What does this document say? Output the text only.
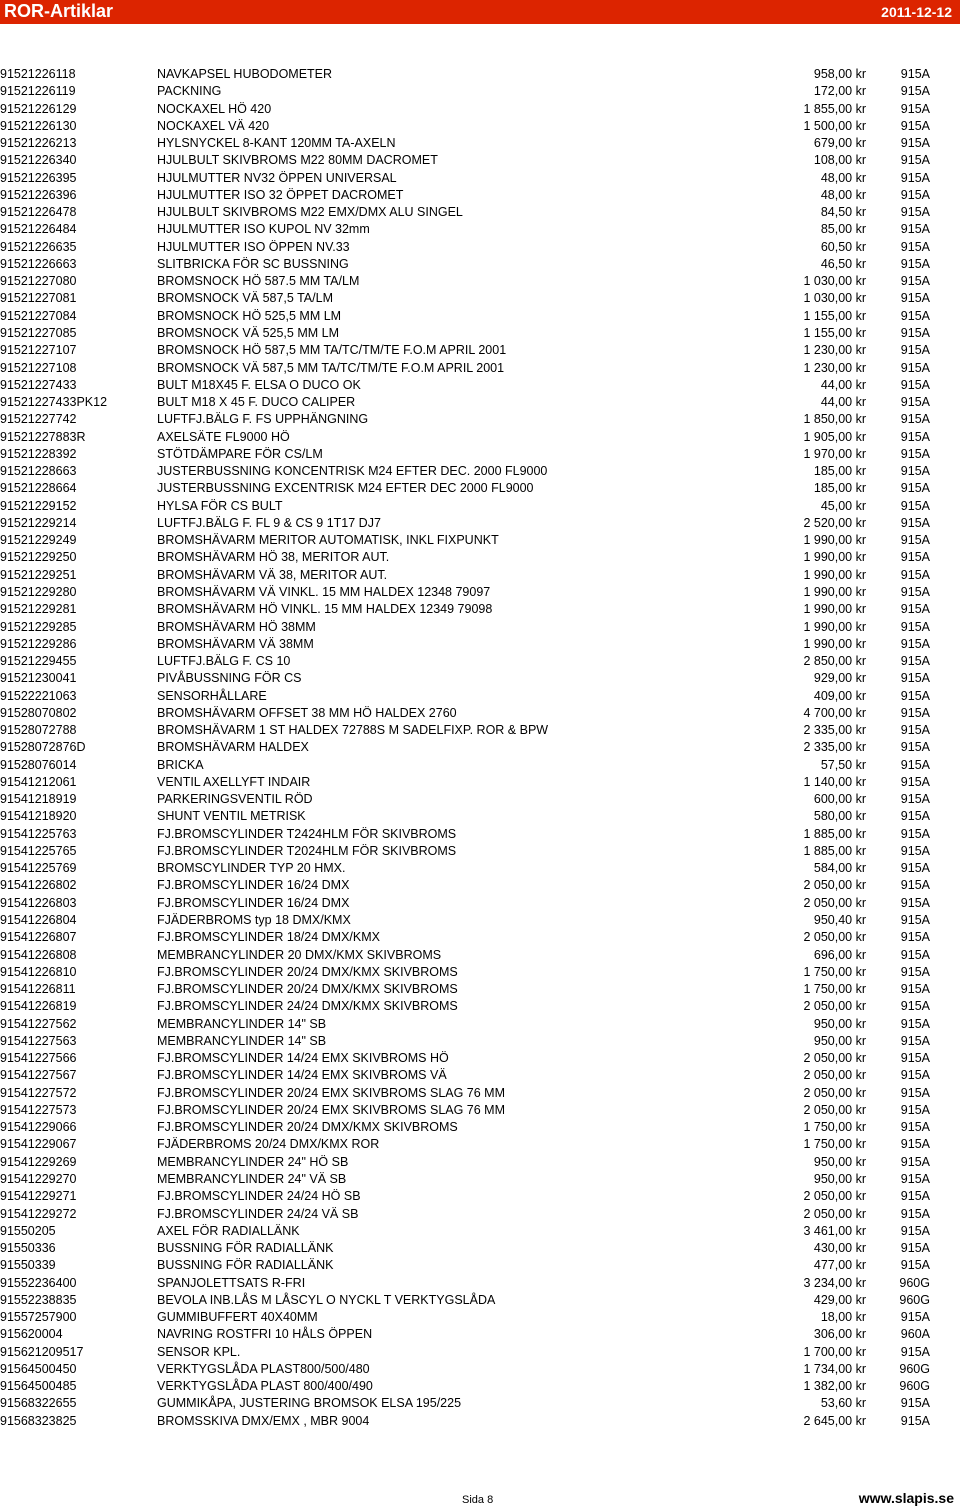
ROR-Artiklar	2011-12-12
91521226118	NAVKAPSEL HUBODOMETER	958,00 kr	915A
91521226119	PACKNING	172,00 kr	915A
91521226129	NOCKAXEL HÖ 420	1 855,00 kr	915A
91521226130	NOCKAXEL VÄ 420	1 500,00 kr	915A
91521226213	HYLSNYCKEL 8-KANT 120MM TA-AXELN	679,00 kr	915A
91521226340	HJULBULT SKIVBROMS M22 80MM DACROMET	108,00 kr	915A
91521226395	HJULMUTTER NV32 ÖPPEN UNIVERSAL	48,00 kr	915A
91521226396	HJULMUTTER ISO 32 ÖPPET DACROMET	48,00 kr	915A
91521226478	HJULBULT SKIVBROMS M22 EMX/DMX ALU SINGEL	84,50 kr	915A
91521226484	HJULMUTTER ISO KUPOL NV 32mm	85,00 kr	915A
91521226635	HJULMUTTER ISO ÖPPEN NV.33	60,50 kr	915A
91521226663	SLITBRICKA FÖR SC BUSSNING	46,50 kr	915A
91521227080	BROMSNOCK HÖ 587.5 MM TA/LM	1 030,00 kr	915A
91521227081	BROMSNOCK VÄ 587,5 TA/LM	1 030,00 kr	915A
91521227084	BROMSNOCK HÖ 525,5 MM LM	1 155,00 kr	915A
91521227085	BROMSNOCK VÄ 525,5 MM LM	1 155,00 kr	915A
91521227107	BROMSNOCK HÖ 587,5 MM TA/TC/TM/TE F.O.M APRIL 2001	1 230,00 kr	915A
91521227108	BROMSNOCK VÄ 587,5 MM TA/TC/TM/TE F.O.M APRIL 2001	1 230,00 kr	915A
91521227433	BULT M18X45 F. ELSA O DUCO OK	44,00 kr	915A
91521227433PK12	BULT M18 X 45 F. DUCO CALIPER	44,00 kr	915A
91521227742	LUFTFJ.BÄLG F. FS UPPHÄNGNING	1 850,00 kr	915A
91521227883R	AXELSÄTE FL9000 HÖ	1 905,00 kr	915A
91521228392	STÖTDÄMPARE FÖR CS/LM	1 970,00 kr	915A
91521228663	JUSTERBUSSNING KONCENTRISK M24 EFTER DEC. 2000 FL9000	185,00 kr	915A
91521228664	JUSTERBUSSNING EXCENTRISK M24 EFTER DEC 2000 FL9000	185,00 kr	915A
91521229152	HYLSA FÖR CS BULT	45,00 kr	915A
91521229214	LUFTFJ.BÄLG F. FL 9 & CS 9 1T17 DJ7	2 520,00 kr	915A
91521229249	BROMSHÄVARM MERITOR AUTOMATISK, INKL FIXPUNKT	1 990,00 kr	915A
91521229250	BROMSHÄVARM HÖ 38, MERITOR AUT.	1 990,00 kr	915A
91521229251	BROMSHÄVARM VÄ 38, MERITOR AUT.	1 990,00 kr	915A
91521229280	BROMSHÄVARM VÄ VINKL. 15 MM HALDEX 12348 79097	1 990,00 kr	915A
91521229281	BROMSHÄVARM HÖ VINKL. 15 MM HALDEX 12349 79098	1 990,00 kr	915A
91521229285	BROMSHÄVARM HÖ 38MM	1 990,00 kr	915A
91521229286	BROMSHÄVARM VÄ 38MM	1 990,00 kr	915A
91521229455	LUFTFJ.BÄLG F. CS 10	2 850,00 kr	915A
91521230041	PIVÅBUSSNING FÖR CS	929,00 kr	915A
91522221063	SENSORHÅLLARE	409,00 kr	915A
91528070802	BROMSHÄVARM OFFSET 38 MM HÖ HALDEX 2760	4 700,00 kr	915A
91528072788	BROMSHÄVARM 1 ST HALDEX 72788S M SADELFIXP. ROR & BPW	2 335,00 kr	915A
91528072876D	BROMSHÄVARM HALDEX	2 335,00 kr	915A
91528076014	BRICKA	57,50 kr	915A
91541212061	VENTIL AXELLYFT INDAIR	1 140,00 kr	915A
91541218919	PARKERINGSVENTIL RÖD	600,00 kr	915A
91541218920	SHUNT VENTIL METRISK	580,00 kr	915A
91541225763	FJ.BROMSCYLINDER T2424HLM FÖR SKIVBROMS	1 885,00 kr	915A
91541225765	FJ.BROMSCYLINDER T2024HLM FÖR SKIVBROMS	1 885,00 kr	915A
91541225769	BROMSCYLINDER TYP 20 HMX.	584,00 kr	915A
91541226802	FJ.BROMSCYLINDER 16/24 DMX	2 050,00 kr	915A
91541226803	FJ.BROMSCYLINDER 16/24 DMX	2 050,00 kr	915A
91541226804	FJÄDERBROMS typ 18 DMX/KMX	950,40 kr	915A
91541226807	FJ.BROMSCYLINDER 18/24 DMX/KMX	2 050,00 kr	915A
91541226808	MEMBRANCYLINDER 20 DMX/KMX SKIVBROMS	696,00 kr	915A
91541226810	FJ.BROMSCYLINDER 20/24 DMX/KMX SKIVBROMS	1 750,00 kr	915A
91541226811	FJ.BROMSCYLINDER 20/24 DMX/KMX SKIVBROMS	1 750,00 kr	915A
91541226819	FJ.BROMSCYLINDER 24/24 DMX/KMX SKIVBROMS	2 050,00 kr	915A
91541227562	MEMBRANCYLINDER 14" SB	950,00 kr	915A
91541227563	MEMBRANCYLINDER 14" SB	950,00 kr	915A
91541227566	FJ.BROMSCYLINDER 14/24 EMX SKIVBROMS HÖ	2 050,00 kr	915A
91541227567	FJ.BROMSCYLINDER 14/24 EMX SKIVBROMS VÄ	2 050,00 kr	915A
91541227572	FJ.BROMSCYLINDER 20/24 EMX SKIVBROMS SLAG 76 MM	2 050,00 kr	915A
91541227573	FJ.BROMSCYLINDER 20/24 EMX SKIVBROMS SLAG 76 MM	2 050,00 kr	915A
91541229066	FJ.BROMSCYLINDER 20/24 DMX/KMX SKIVBROMS	1 750,00 kr	915A
91541229067	FJÄDERBROMS 20/24 DMX/KMX ROR	1 750,00 kr	915A
91541229269	MEMBRANCYLINDER 24" HÖ SB	950,00 kr	915A
91541229270	MEMBRANCYLINDER 24" VÄ SB	950,00 kr	915A
91541229271	FJ.BROMSCYLINDER 24/24 HÖ SB	2 050,00 kr	915A
91541229272	FJ.BROMSCYLINDER 24/24 VÄ SB	2 050,00 kr	915A
91550205	AXEL FÖR RADIALLÄNK	3 461,00 kr	915A
91550336	BUSSNING FÖR RADIALLÄNK	430,00 kr	915A
91550339	BUSSNING FÖR RADIALLÄNK	477,00 kr	915A
91552236400	SPANJOLETTSATS R-FRI	3 234,00 kr	960G
91552238835	BEVOLA INB.LÅS M LÅSCYL O NYCKL T VERKTYGSLÅDA	429,00 kr	960G
91557257900	GUMMIBUFFERT 40X40MM	18,00 kr	915A
915620004	NAVRING ROSTFRI 10 HÅLS ÖPPEN	306,00 kr	960A
915621209517	SENSOR KPL.	1 700,00 kr	915A
91564500450	VERKTYGSLÅDA PLAST800/500/480	1 734,00 kr	960G
91564500485	VERKTYGSLÅDA PLAST 800/400/490	1 382,00 kr	960G
91568322655	GUMMIKÅPA, JUSTERING BROMSOK ELSA 195/225	53,60 kr	915A
91568323825	BROMSSKIVA DMX/EMX , MBR 9004	2 645,00 kr	915A
Sida 8	www.slapis.se
